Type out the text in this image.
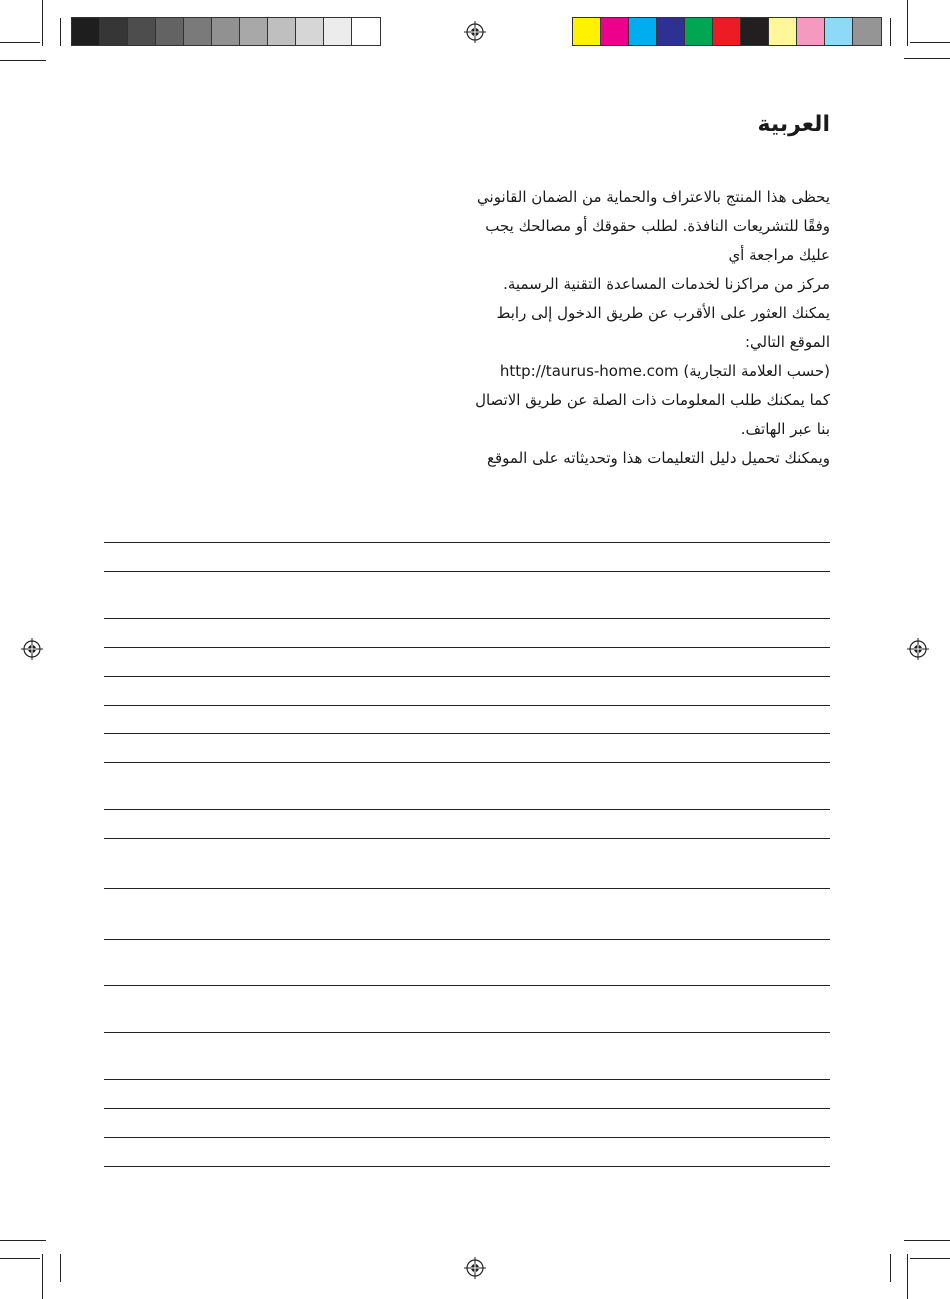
العربية
يحظى هذا المنتج بالاعتراف والحماية من الضمان القانوني
وفقًا للتشريعات النافذة. لطلب حقوقك أو مصالحك يجب
عليك مراجعة أي
مركز من مراكزنا لخدمات المساعدة التقنية الرسمية.
يمكنك العثور على الأقرب عن طريق الدخول إلى رابط
الموقع التالي:
(حسب العلامة التجارية) http://taurus-home.com
كما يمكنك طلب المعلومات ذات الصلة عن طريق الاتصال
بنا عبر الهاتف.
ويمكنك تحميل دليل التعليمات هذا وتحديثاته على الموقع
